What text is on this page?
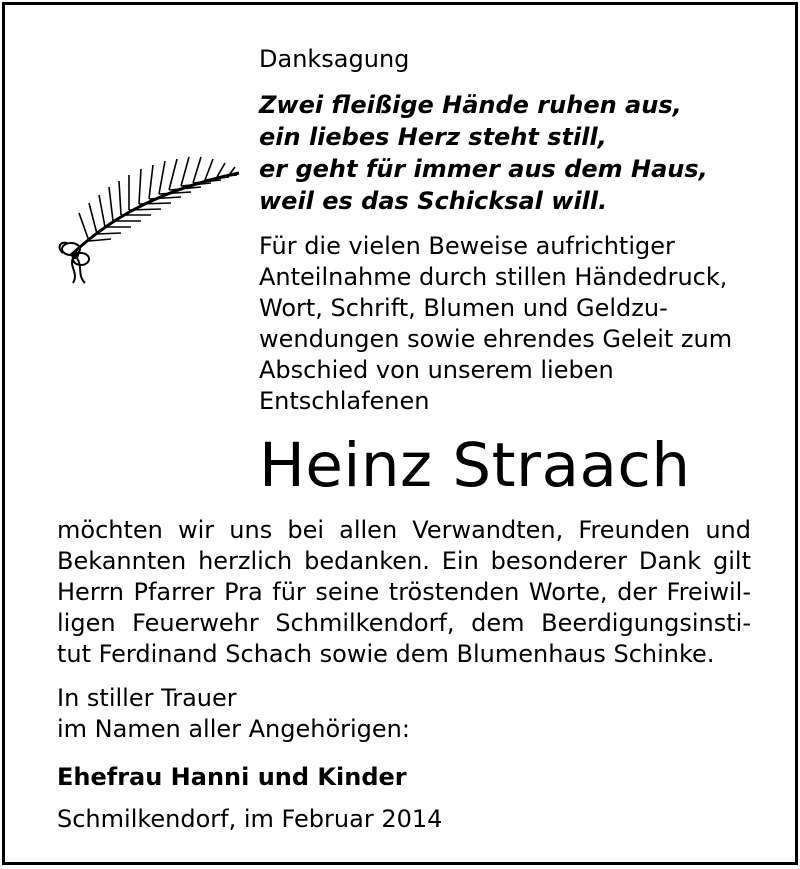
Danksagung
Zwei fleißige Hände ruhen aus,
ein liebes Herz steht still,
er geht für immer aus dem Haus,
weil es das Schicksal will.
Für die vielen Beweise aufrichtiger
Anteilnahme durch stillen Händedruck,
Wort, Schrift, Blumen und Geldzu-
wendungen sowie ehrendes Geleit zum
Abschied von unserem lieben
Entschlafenen
Heinz Straach
möchten wir uns bei allen Verwandten, Freunden und
Bekannten herzlich bedanken. Ein besonderer Dank gilt
Herrn Pfarrer Pra für seine tröstenden Worte, der Freiwil-
ligen Feuerwehr Schmilkendorf, dem Beerdigungsinsti-
tut Ferdinand Schach sowie dem Blumenhaus Schinke.
In stiller Trauer
im Namen aller Angehörigen:
Ehefrau Hanni und Kinder
Schmilkendorf, im Februar 2014
